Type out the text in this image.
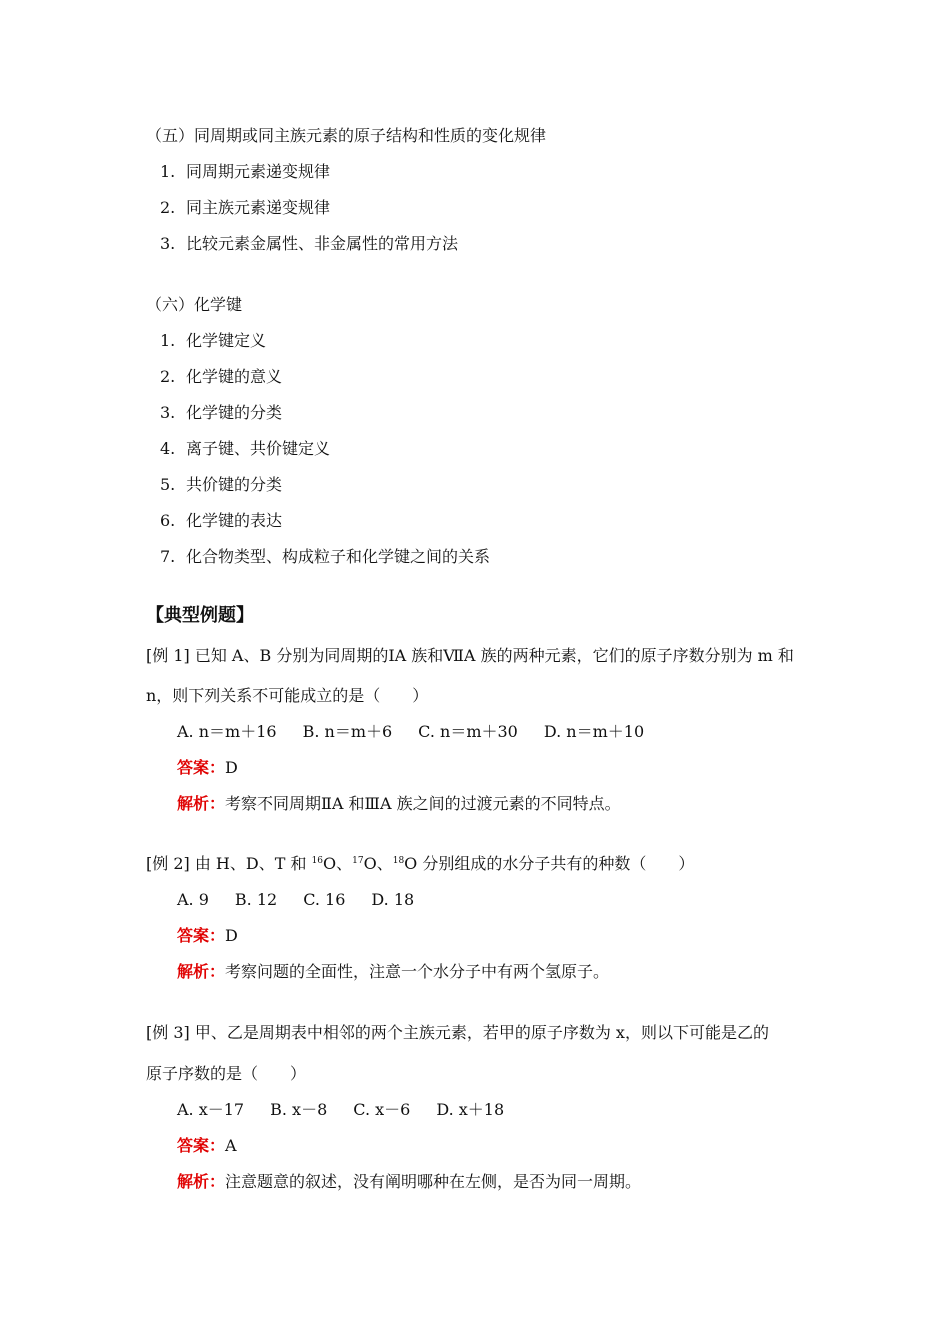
（五）同周期或同主族元素的原子结构和性质的变化规律
1. 同周期元素递变规律
2. 同主族元素递变规律
3. 比较元素金属性、非金属性的常用方法
（六）化学键
1. 化学键定义
2. 化学键的意义
3. 化学键的分类
4. 离子键、共价键定义
5. 共价键的分类
6. 化学键的表达
7. 化合物类型、构成粒子和化学键之间的关系
【典型例题】
[例 1] 已知 A、B 分别为同周期的ⅠA 族和ⅦA 族的两种元素，它们的原子序数分别为 m 和
n，则下列关系不可能成立的是（　　）
A. n＝m＋16 B. n＝m＋6 C. n＝m＋30 D. n＝m＋10
答案：D
解析：考察不同周期ⅡA 和ⅢA 族之间的过渡元素的不同特点。
[例 2] 由 H、D、T 和 $^{16}$O、$^{17}$O、$^{18}$O 分别组成的水分子共有的种数（　　）
A. 9 B. 12 C. 16 D. 18
答案：D
解析：考察问题的全面性，注意一个水分子中有两个氢原子。
[例 3] 甲、乙是周期表中相邻的两个主族元素，若甲的原子序数为 x，则以下可能是乙的
原子序数的是（　　）
A. x－17 B. x－8 C. x－6 D. x＋18
答案：A
解析：注意题意的叙述，没有阐明哪种在左侧，是否为同一周期。
